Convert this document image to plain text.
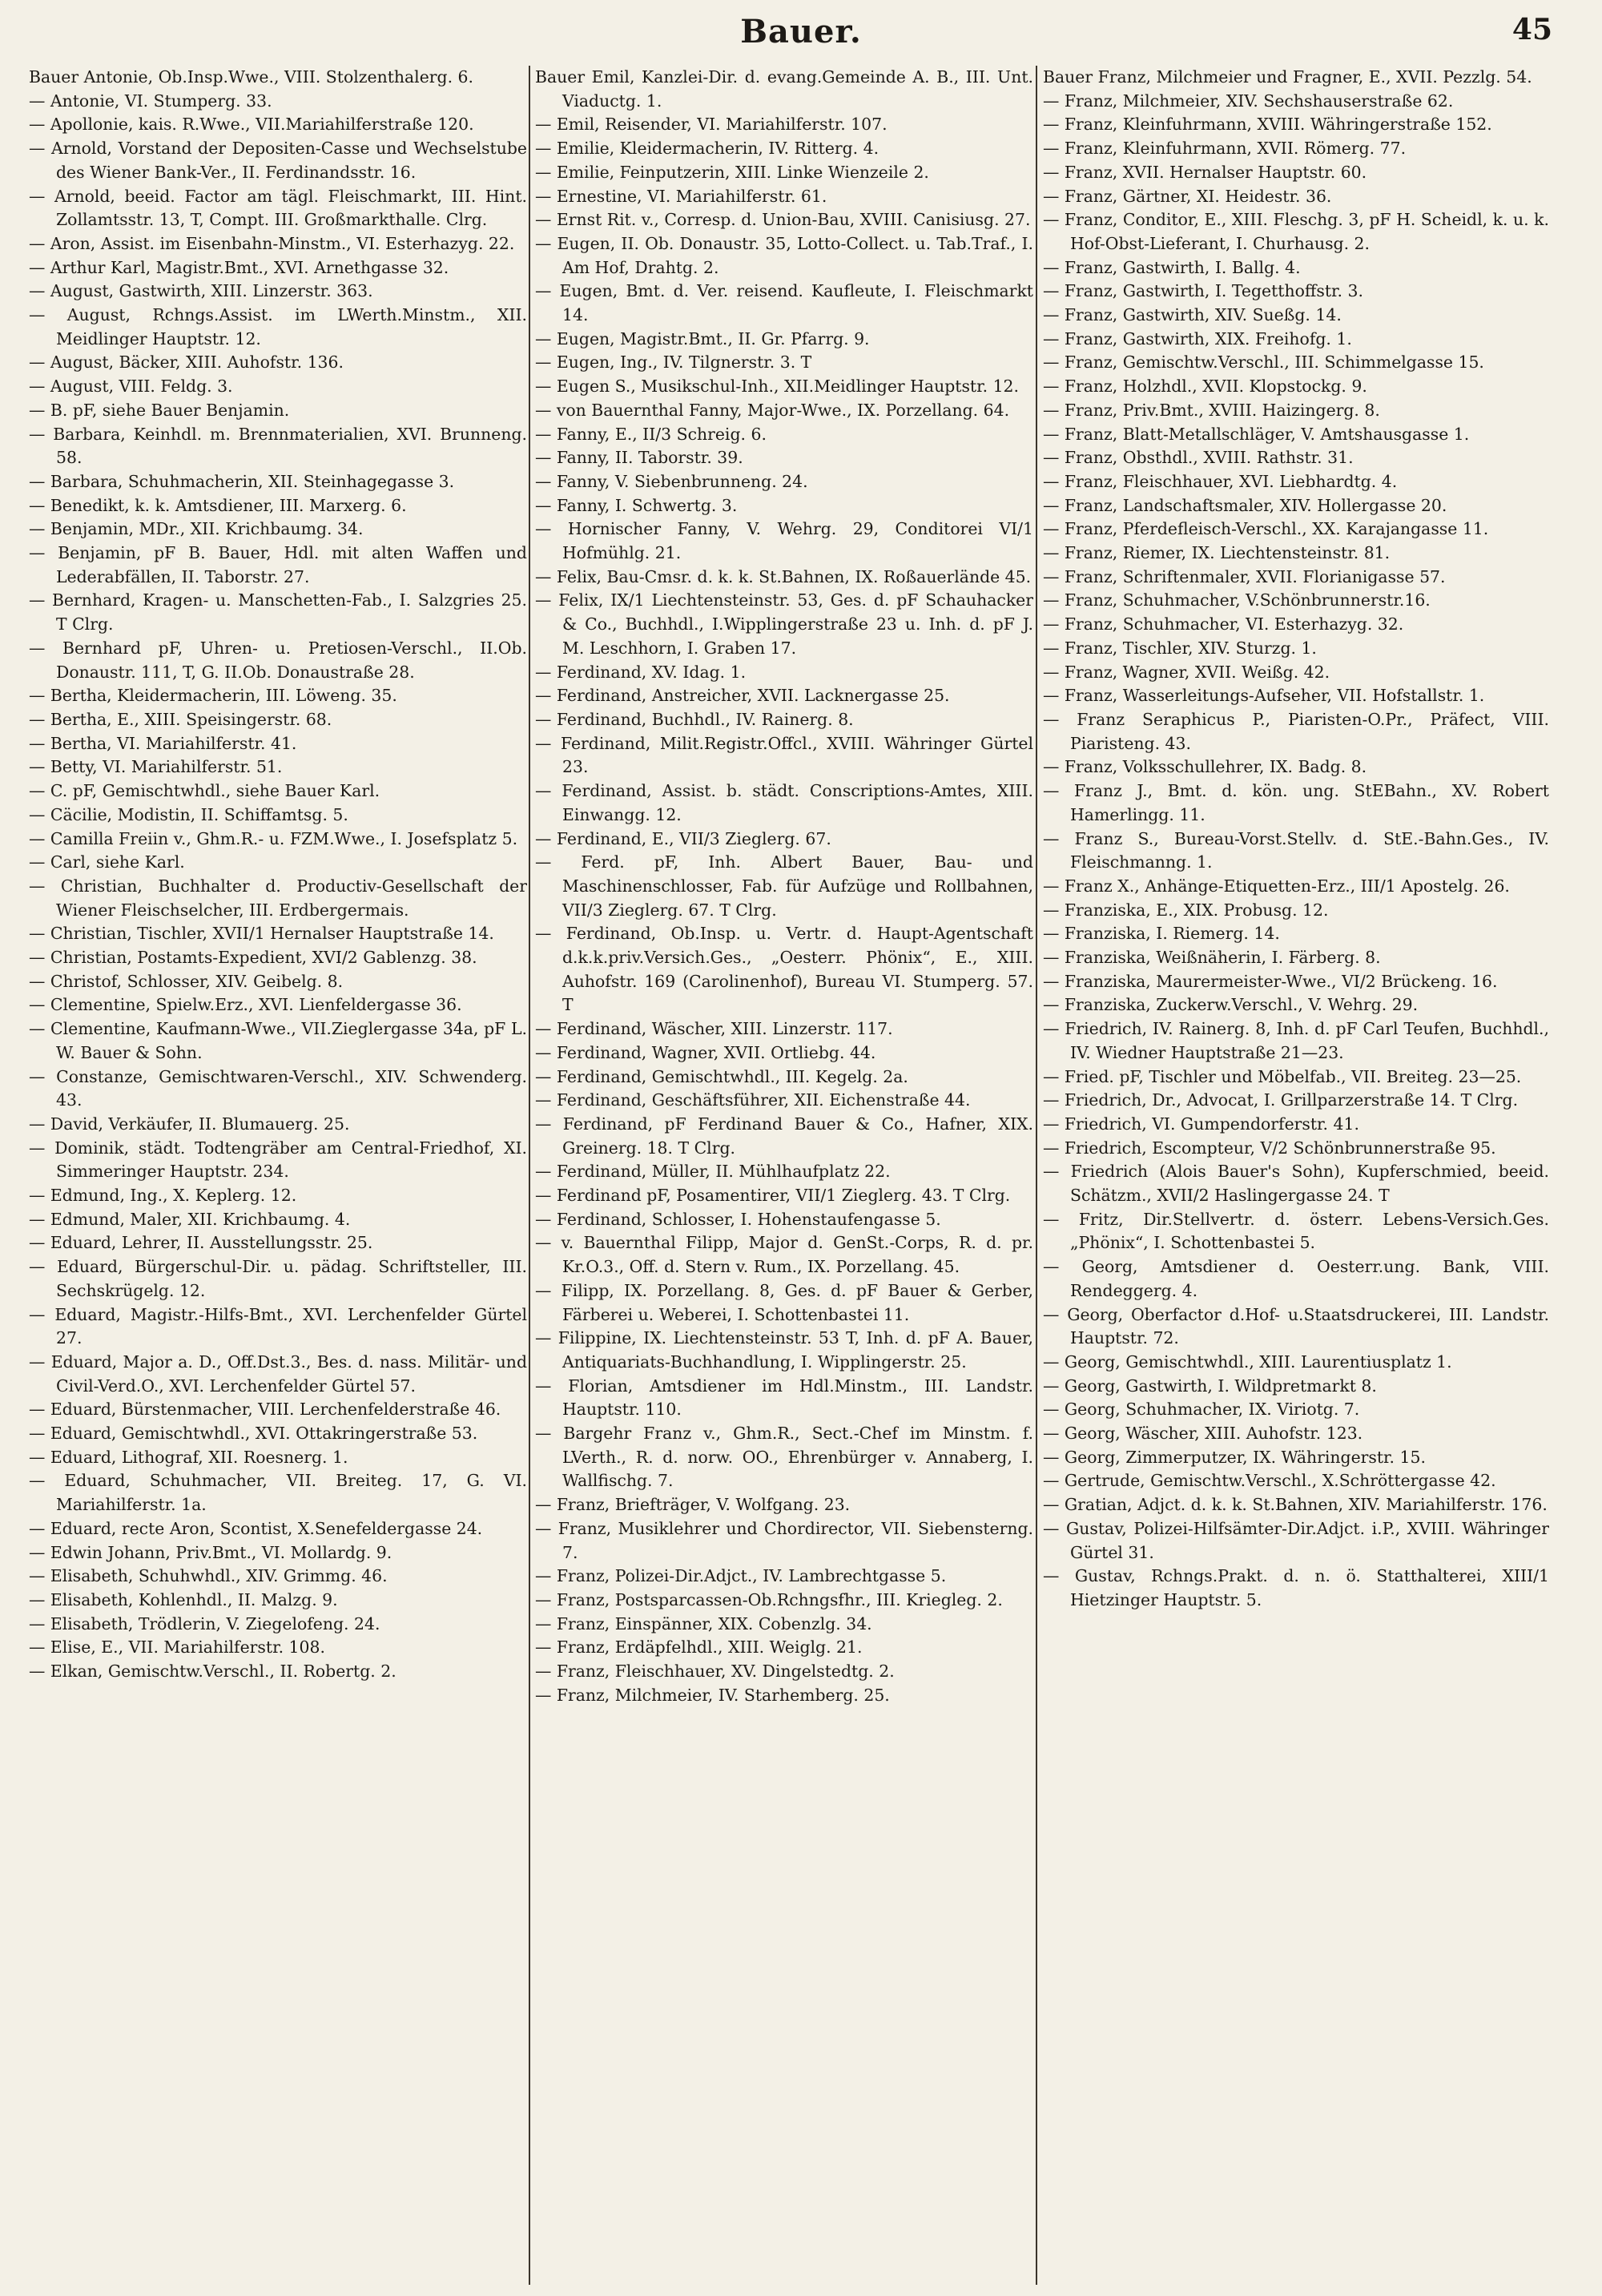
Bauer.	45
Bauer Antonie, Ob.Insp.Wwe., VIII. Stolzenthalerg. 6.
— Antonie, VI. Stumperg. 33.
— Apollonie, kais. R.Wwe., VII.Mariahilferstraße 120.
— Arnold, Vorstand der Depositen-Casse und Wechselstube des Wiener Bank-Ver., II. Ferdinandsstr. 16.
— Arnold, beeid. Factor am tägl. Fleischmarkt, III. Hint. Zollamtsstr. 13, T, Compt. III. Großmarkthalle. Clrg.
— Aron, Assist. im Eisenbahn-Minstm., VI. Esterhazyg. 22.
— Arthur Karl, Magistr.Bmt., XVI. Arnethgasse 32.
— August, Gastwirth, XIII. Linzerstr. 363.
— August, Rchngs.Assist. im LWerth.Minstm., XII. Meidlinger Hauptstr. 12.
— August, Bäcker, XIII. Auhofstr. 136.
— August, VIII. Feldg. 3.
— B. pF, siehe Bauer Benjamin.
— Barbara, Keinhdl. m. Brennmaterialien, XVI. Brunneng. 58.
— Barbara, Schuhmacherin, XII. Steinhagegasse 3.
— Benedikt, k. k. Amtsdiener, III. Marxerg. 6.
— Benjamin, MDr., XII. Krichbaumg. 34.
— Benjamin, pF B. Bauer, Hdl. mit alten Waffen und Lederabfällen, II. Taborstr. 27.
— Bernhard, Kragen- u. Manschetten-Fab., I. Salzgries 25. T Clrg.
— Bernhard pF, Uhren- u. Pretiosen-Verschl., II.Ob. Donaustr. 111, T, G. II.Ob. Donaustraße 28.
— Bertha, Kleidermacherin, III. Löweng. 35.
— Bertha, E., XIII. Speisingerstr. 68.
— Bertha, VI. Mariahilferstr. 41.
— Betty, VI. Mariahilferstr. 51.
— C. pF, Gemischtwhdl., siehe Bauer Karl.
— Cäcilie, Modistin, II. Schiffamtsg. 5.
— Camilla Freiin v., Ghm.R.- u. FZM.Wwe., I. Josefsplatz 5.
— Carl, siehe Karl.
— Christian, Buchhalter d. Productiv-Gesellschaft der Wiener Fleischselcher, III. Erdbergermais.
— Christian, Tischler, XVII/1 Hernalser Hauptstraße 14.
— Christian, Postamts-Expedient, XVI/2 Gablenzg. 38.
— Christof, Schlosser, XIV. Geibelg. 8.
— Clementine, Spielw.Erz., XVI. Lienfeldergasse 36.
— Clementine, Kaufmann-Wwe., VII.Zieglergasse 34a, pF L. W. Bauer & Sohn.
— Constanze, Gemischtwaren-Verschl., XIV. Schwenderg. 43.
— David, Verkäufer, II. Blumauerg. 25.
— Dominik, städt. Todtengräber am Central-Friedhof, XI. Simmeringer Hauptstr. 234.
— Edmund, Ing., X. Keplerg. 12.
— Edmund, Maler, XII. Krichbaumg. 4.
— Eduard, Lehrer, II. Ausstellungsstr. 25.
— Eduard, Bürgerschul-Dir. u. pädag. Schriftsteller, III. Sechskrügelg. 12.
— Eduard, Magistr.-Hilfs-Bmt., XVI. Lerchenfelder Gürtel 27.
— Eduard, Major a. D., Off.Dst.3., Bes. d. nass. Militär- und Civil-Verd.O., XVI. Lerchenfelder Gürtel 57.
— Eduard, Bürstenmacher, VIII. Lerchenfelderstraße 46.
— Eduard, Gemischtwhdl., XVI. Ottakringerstraße 53.
— Eduard, Lithograf, XII. Roesnerg. 1.
— Eduard, Schuhmacher, VII. Breiteg. 17, G. VI. Mariahilferstr. 1a.
— Eduard, recte Aron, Scontist, X.Senefeldergasse 24.
— Edwin Johann, Priv.Bmt., VI. Mollardg. 9.
— Elisabeth, Schuhwhdl., XIV. Grimmg. 46.
— Elisabeth, Kohlenhdl., II. Malzg. 9.
— Elisabeth, Trödlerin, V. Ziegelofeng. 24.
— Elise, E., VII. Mariahilferstr. 108.
— Elkan, Gemischtw.Verschl., II. Robertg. 2.
Bauer Emil, Kanzlei-Dir. d. evang.Gemeinde A. B., III. Unt. Viaductg. 1.
— Emil, Reisender, VI. Mariahilferstr. 107.
— Emilie, Kleidermacherin, IV. Ritterg. 4.
— Emilie, Feinputzerin, XIII. Linke Wienzeile 2.
— Ernestine, VI. Mariahilferstr. 61.
— Ernst Rit. v., Corresp. d. Union-Bau, XVIII. Canisiusg. 27.
— Eugen, II. Ob. Donaustr. 35, Lotto-Collect. u. Tab.Traf., I. Am Hof, Drahtg. 2.
— Eugen, Bmt. d. Ver. reisend. Kaufleute, I. Fleischmarkt 14.
— Eugen, Magistr.Bmt., II. Gr. Pfarrg. 9.
— Eugen, Ing., IV. Tilgnerstr. 3. T
— Eugen S., Musikschul-Inh., XII.Meidlinger Hauptstr. 12.
— von Bauernthal Fanny, Major-Wwe., IX. Porzellang. 64.
— Fanny, E., II/3 Schreig. 6.
— Fanny, II. Taborstr. 39.
— Fanny, V. Siebenbrunneng. 24.
— Fanny, I. Schwertg. 3.
— Hornischer Fanny, V. Wehrg. 29, Conditorei VI/1 Hofmühlg. 21.
— Felix, Bau-Cmsr. d. k. k. St.Bahnen, IX. Roßauerlände 45.
— Felix, IX/1 Liechtensteinstr. 53, Ges. d. pF Schauhacker & Co., Buchhdl., I.Wipplingerstraße 23 u. Inh. d. pF J. M. Leschhorn, I. Graben 17.
— Ferdinand, XV. Idag. 1.
— Ferdinand, Anstreicher, XVII. Lacknergasse 25.
— Ferdinand, Buchhdl., IV. Rainerg. 8.
— Ferdinand, Milit.Registr.Offcl., XVIII. Währinger Gürtel 23.
— Ferdinand, Assist. b. städt. Conscriptions-Amtes, XIII. Einwangg. 12.
— Ferdinand, E., VII/3 Zieglerg. 67.
— Ferd. pF, Inh. Albert Bauer, Bau- und Maschinenschlosser, Fab. für Aufzüge und Rollbahnen, VII/3 Zieglerg. 67. T Clrg.
— Ferdinand, Ob.Insp. u. Vertr. d. Haupt-Agentschaft d.k.k.priv.Versich.Ges., „Oesterr. Phönix“, E., XIII. Auhofstr. 169 (Carolinenhof), Bureau VI. Stumperg. 57. T
— Ferdinand, Wäscher, XIII. Linzerstr. 117.
— Ferdinand, Wagner, XVII. Ortliebg. 44.
— Ferdinand, Gemischtwhdl., III. Kegelg. 2a.
— Ferdinand, Geschäftsführer, XII. Eichenstraße 44.
— Ferdinand, pF Ferdinand Bauer & Co., Hafner, XIX. Greinerg. 18. T Clrg.
— Ferdinand, Müller, II. Mühlhaufplatz 22.
— Ferdinand pF, Posamentirer, VII/1 Zieglerg. 43. T Clrg.
— Ferdinand, Schlosser, I. Hohenstaufengasse 5.
— v. Bauernthal Filipp, Major d. GenSt.-Corps, R. d. pr. Kr.O.3., Off. d. Stern v. Rum., IX. Porzellang. 45.
— Filipp, IX. Porzellang. 8, Ges. d. pF Bauer & Gerber, Färberei u. Weberei, I. Schottenbastei 11.
— Filippine, IX. Liechtensteinstr. 53 T, Inh. d. pF A. Bauer, Antiquariats-Buchhandlung, I. Wipplingerstr. 25.
— Florian, Amtsdiener im Hdl.Minstm., III. Landstr. Hauptstr. 110.
— Bargehr Franz v., Ghm.R., Sect.-Chef im Minstm. f. LVerth., R. d. norw. OO., Ehrenbürger v. Annaberg, I. Wallfischg. 7.
— Franz, Briefträger, V. Wolfgang. 23.
— Franz, Musiklehrer und Chordirector, VII. Siebensterng. 7.
— Franz, Polizei-Dir.Adjct., IV. Lambrechtgasse 5.
— Franz, Postsparcassen-Ob.Rchngsfhr., III. Kriegleg. 2.
— Franz, Einspänner, XIX. Cobenzlg. 34.
— Franz, Erdäpfelhdl., XIII. Weiglg. 21.
— Franz, Fleischhauer, XV. Dingelstedtg. 2.
— Franz, Milchmeier, IV. Starhemberg. 25.
Bauer Franz, Milchmeier und Fragner, E., XVII. Pezzlg. 54.
— Franz, Milchmeier, XIV. Sechshauserstraße 62.
— Franz, Kleinfuhrmann, XVIII. Währingerstraße 152.
— Franz, Kleinfuhrmann, XVII. Römerg. 77.
— Franz, XVII. Hernalser Hauptstr. 60.
— Franz, Gärtner, XI. Heidestr. 36.
— Franz, Conditor, E., XIII. Fleschg. 3, pF H. Scheidl, k. u. k. Hof-Obst-Lieferant, I. Churhausg. 2.
— Franz, Gastwirth, I. Ballg. 4.
— Franz, Gastwirth, I. Tegetthoffstr. 3.
— Franz, Gastwirth, XIV. Sueßg. 14.
— Franz, Gastwirth, XIX. Freihofg. 1.
— Franz, Gemischtw.Verschl., III. Schimmelgasse 15.
— Franz, Holzhdl., XVII. Klopstockg. 9.
— Franz, Priv.Bmt., XVIII. Haizingerg. 8.
— Franz, Blatt-Metallschläger, V. Amtshausgasse 1.
— Franz, Obsthdl., XVIII. Rathstr. 31.
— Franz, Fleischhauer, XVI. Liebhardtg. 4.
— Franz, Landschaftsmaler, XIV. Hollergasse 20.
— Franz, Pferdefleisch-Verschl., XX. Karajangasse 11.
— Franz, Riemer, IX. Liechtensteinstr. 81.
— Franz, Schriftenmaler, XVII. Florianigasse 57.
— Franz, Schuhmacher, V.Schönbrunnerstr.16.
— Franz, Schuhmacher, VI. Esterhazyg. 32.
— Franz, Tischler, XIV. Sturzg. 1.
— Franz, Wagner, XVII. Weißg. 42.
— Franz, Wasserleitungs-Aufseher, VII. Hofstallstr. 1.
— Franz Seraphicus P., Piaristen-O.Pr., Präfect, VIII. Piaristeng. 43.
— Franz, Volksschullehrer, IX. Badg. 8.
— Franz J., Bmt. d. kön. ung. StEBahn., XV. Robert Hamerlingg. 11.
— Franz S., Bureau-Vorst.Stellv. d. StE.-Bahn.Ges., IV. Fleischmanng. 1.
— Franz X., Anhänge-Etiquetten-Erz., III/1 Apostelg. 26.
— Franziska, E., XIX. Probusg. 12.
— Franziska, I. Riemerg. 14.
— Franziska, Weißnäherin, I. Färberg. 8.
— Franziska, Maurermeister-Wwe., VI/2 Brückeng. 16.
— Franziska, Zuckerw.Verschl., V. Wehrg. 29.
— Friedrich, IV. Rainerg. 8, Inh. d. pF Carl Teufen, Buchhdl., IV. Wiedner Hauptstraße 21—23.
— Fried. pF, Tischler und Möbelfab., VII. Breiteg. 23—25.
— Friedrich, Dr., Advocat, I. Grillparzerstraße 14. T Clrg.
— Friedrich, VI. Gumpendorferstr. 41.
— Friedrich, Escompteur, V/2 Schönbrunnerstraße 95.
— Friedrich (Alois Bauer's Sohn), Kupferschmied, beeid. Schätzm., XVII/2 Haslingergasse 24. T
— Fritz, Dir.Stellvertr. d. österr. Lebens-Versich.Ges. „Phönix“, I. Schottenbastei 5.
— Georg, Amtsdiener d. Oesterr.ung. Bank, VIII. Rendeggerg. 4.
— Georg, Oberfactor d.Hof- u.Staatsdruckerei, III. Landstr. Hauptstr. 72.
— Georg, Gemischtwhdl., XIII. Laurentiusplatz 1.
— Georg, Gastwirth, I. Wildpretmarkt 8.
— Georg, Schuhmacher, IX. Viriotg. 7.
— Georg, Wäscher, XIII. Auhofstr. 123.
— Georg, Zimmerputzer, IX. Währingerstr. 15.
— Gertrude, Gemischtw.Verschl., X.Schröttergasse 42.
— Gratian, Adjct. d. k. k. St.Bahnen, XIV. Mariahilferstr. 176.
— Gustav, Polizei-Hilfsämter-Dir.Adjct. i.P., XVIII. Währinger Gürtel 31.
— Gustav, Rchngs.Prakt. d. n. ö. Statthalterei, XIII/1 Hietzinger Hauptstr. 5.
